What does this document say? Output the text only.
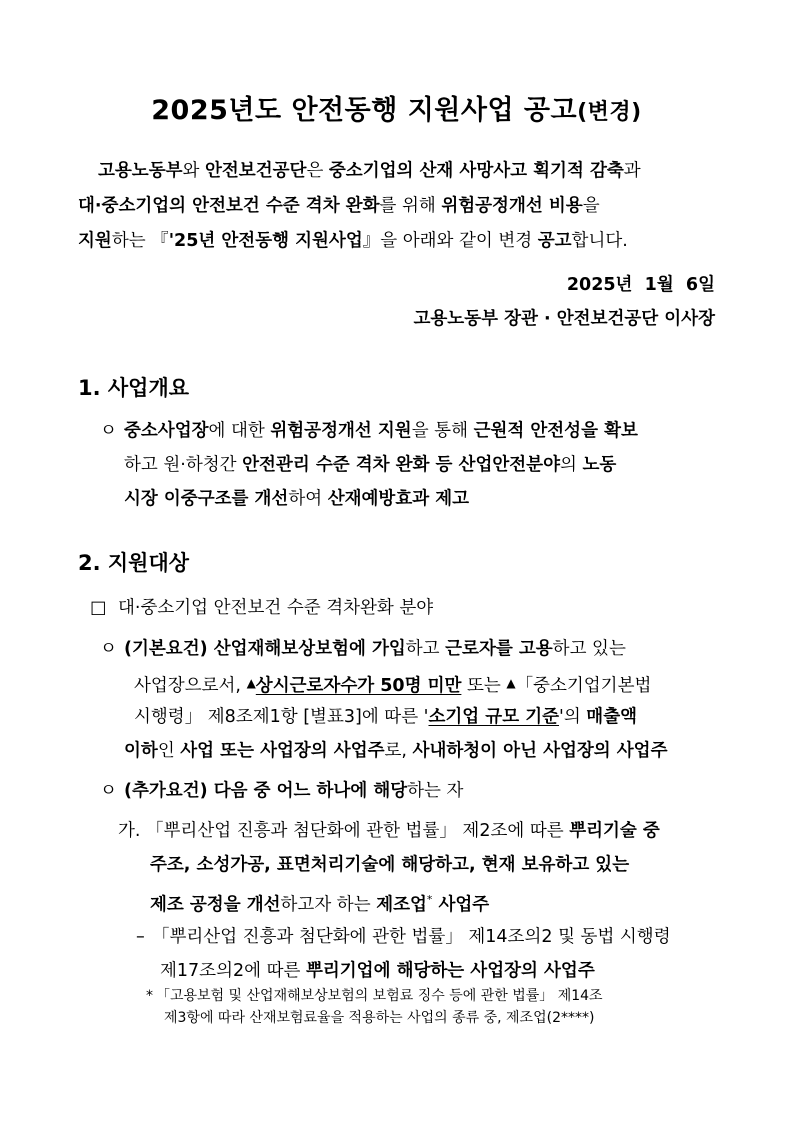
2025년도 안전동행 지원사업 공고(변경)
고용노동부와 안전보건공단은 중소기업의 산재 사망사고 획기적 감축과
대·중소기업의 안전보건 수준 격차 완화를 위해 위험공정개선 비용을
지원하는 『'25년 안전동행 지원사업』을 아래와 같이 변경 공고합니다.
2025년  1월  6일
고용노동부 장관 · 안전보건공단 이사장
1. 사업개요
ㅇ 중소사업장에 대한 위험공정개선 지원을 통해 근원적 안전성을 확보
하고 원·하청간 안전관리 수준 격차 완화 등 산업안전분야의 노동
시장 이중구조를 개선하여 산재예방효과 제고
2. 지원대상
□ 대·중소기업 안전보건 수준 격차완화 분야
ㅇ (기본요건) 산업재해보상보험에 가입하고 근로자를 고용하고 있는
사업장으로서, ▲상시근로자수가 50명 미만 또는 ▲「중소기업기본법
시행령」 제8조제1항 [별표3]에 따른 '소기업 규모 기준'의 매출액
이하인 사업 또는 사업장의 사업주로, 사내하청이 아닌 사업장의 사업주
ㅇ (추가요건) 다음 중 어느 하나에 해당하는 자
가. 「뿌리산업 진흥과 첨단화에 관한 법률」 제2조에 따른 뿌리기술 중
주조, 소성가공, 표면처리기술에 해당하고, 현재 보유하고 있는
제조 공정을 개선하고자 하는 제조업* 사업주
– 「뿌리산업 진흥과 첨단화에 관한 법률」 제14조의2 및 동법 시행령
제17조의2에 따른 뿌리기업에 해당하는 사업장의 사업주
* 「고용보험 및 산업재해보상보험의 보험료 징수 등에 관한 법률」 제14조
제3항에 따라 산재보험료율을 적용하는 사업의 종류 중, 제조업(2****)
